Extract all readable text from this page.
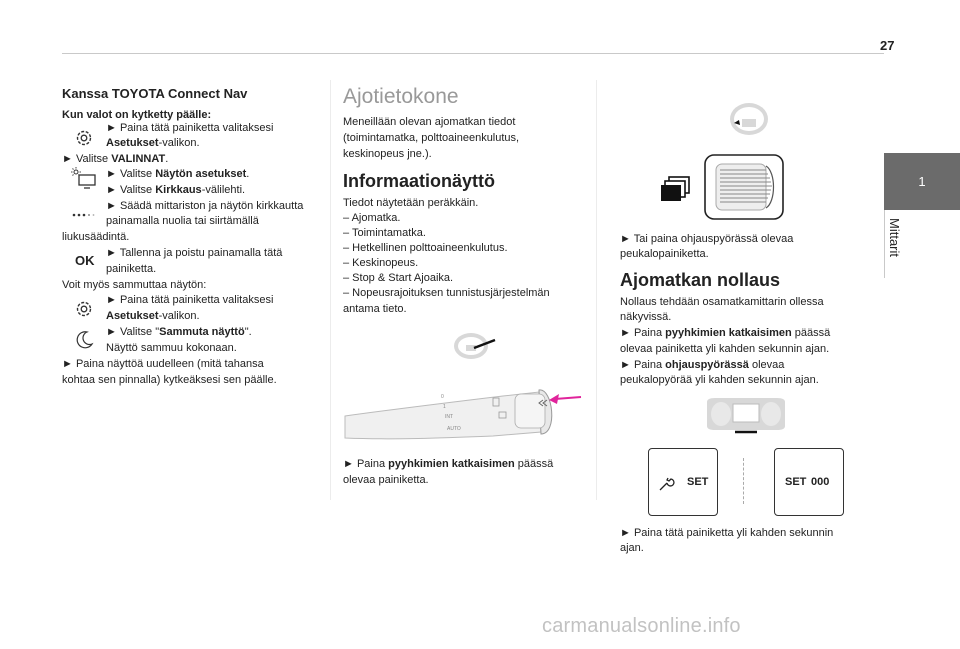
27
1
Mittarit
Kanssa TOYOTA Connect Nav
Kun valot on kytketty päälle:
► Paina tätä painiketta valitaksesi
Asetukset-valikon.
► Valitse VALINNAT.
► Valitse Näytön asetukset.
► Valitse Kirkkaus-välilehti.
► Säädä mittariston ja näytön kirkkautta
painamalla nuolia tai siirtämällä
liukusäädintä.
OK ► Tallenna ja poistu painamalla tätä
painiketta.
Voit myös sammuttaa näytön:
► Paina tätä painiketta valitaksesi
Asetukset-valikon.
► Valitse "Sammuta näyttö".
Näyttö sammuu kokonaan.
► Paina näyttöä uudelleen (mitä tahansa
kohtaa sen pinnalla) kytkeäksesi sen päälle.
Ajotietokone
Meneillään olevan ajomatkan tiedot
(toimintamatka, polttoaineenkulutus,
keskinopeus jne.).
Informaationäyttö
Tiedot näytetään peräkkäin.
– Ajomatka.
– Toimintamatka.
– Hetkellinen polttoaineenkulutus.
– Keskinopeus.
– Stop & Start Ajoaika.
– Nopeusrajoituksen tunnistusjärjestelmän
antama tieto.
0
1
INT
AUTO
► Paina pyyhkimien katkaisimen päässä
olevaa painiketta.
► Tai paina ohjauspyörässä olevaa
peukalopainiketta.
Ajomatkan nollaus
Nollaus tehdään osamatkamittarin ollessa
näkyvissä.
► Paina pyyhkimien katkaisimen päässä
olevaa painiketta yli kahden sekunnin ajan.
► Paina ohjauspyörässä olevaa
peukalopyörää yli kahden sekunnin ajan.
SET	SET 000
► Paina tätä painiketta yli kahden sekunnin
ajan.
carmanualsonline.info
